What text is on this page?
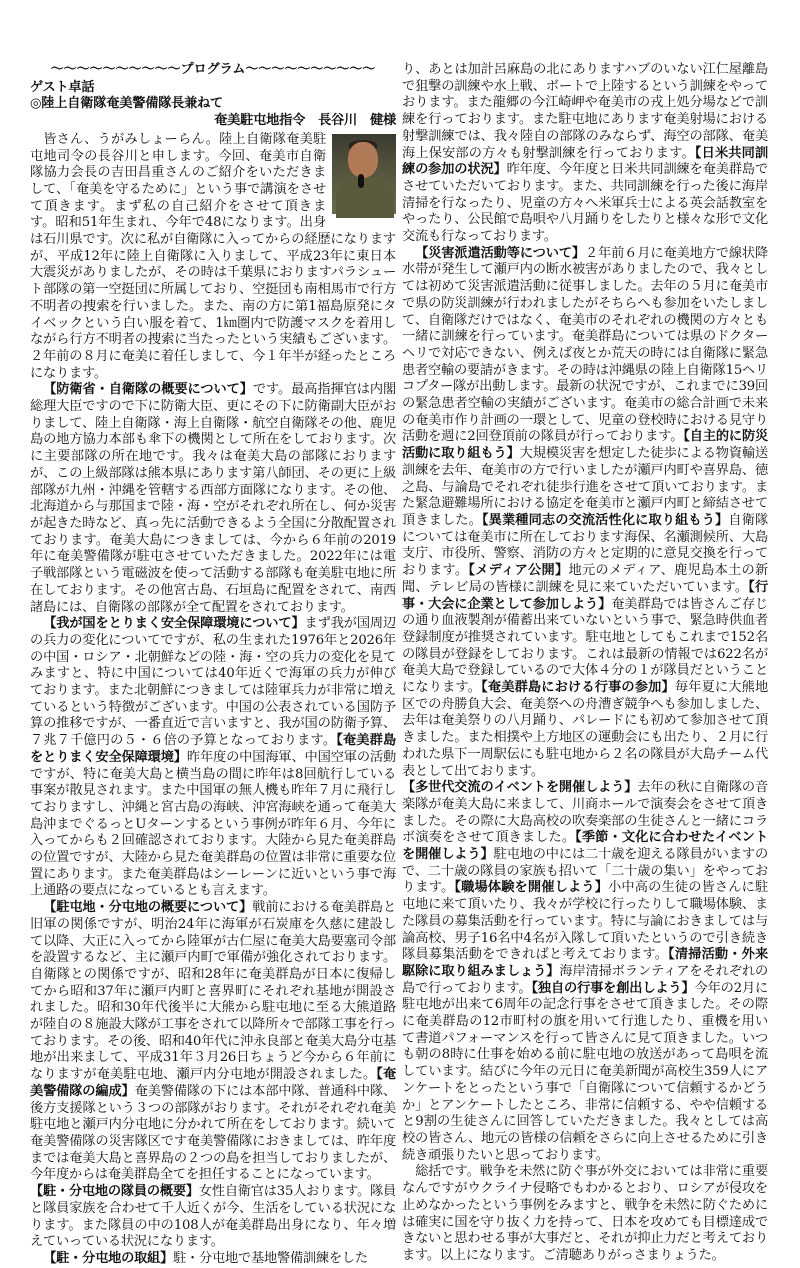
〜〜〜〜〜〜〜〜〜〜プログラム〜〜〜〜〜〜〜〜〜〜
ゲスト卓話
◎陸上自衛隊奄美警備隊長兼ねて
奄美駐屯地指令　長谷川　健様

皆さん、うがみしょーらん。陸上自衛隊奄美駐屯地司令の長谷川と申します。今回、奄美市自衛隊協力会長の吉田昌重さんのご紹介をいただきまして、「奄美を守るために」という事で講演をさせて頂きます。まず私の自己紹介をさせて頂きます。昭和51年生まれ、今年で48になります。出身は石川県です。次に私が自衛隊に入ってからの経歴になりますが、平成12年に陸上自衛隊に入りまして、平成23年に東日本大震災がありましたが、その時は千葉県におりますパラシュート部隊の第一空挺団に所属しており、空挺団も南相馬市で行方不明者の捜索を行いました。また、南の方に第1福島原発にタイベックという白い服を着て、1㎞圏内で防護マスクを着用しながら行方不明者の捜索に当たったという実績もございます。２年前の８月に奄美に着任しまして、今１年半が経ったところになります。

【防衛省・自衛隊の概要について】です。最高指揮官は内閣総理大臣ですので下に防衛大臣、更にその下に防衛副大臣がおりまして、陸上自衛隊・海上自衛隊・航空自衛隊その他、鹿児島の地方協力本部も傘下の機関として所在をしております。次に主要部隊の所在地です。我々は奄美大島の部隊におりますが、この上級部隊は熊本県にあります第八師団、その更に上級部隊が九州・沖縄を管轄する西部方面隊になります。その他、北海道から与那国まで陸・海・空がそれぞれ所在し、何か災害が起きた時など、真っ先に活動できるよう全国に分散配置されております。奄美大島につきましては、今から６年前の2019年に奄美警備隊が駐屯させていただきました。2022年には電子戦部隊という電磁波を使って活動する部隊も奄美駐屯地に所在しております。その他宮古島、石垣島に配置をされて、南西諸島には、自衛隊の部隊が全て配置をされております。

【我が国をとりまく安全保障環境について】まず我が国周辺の兵力の変化についてですが、私の生まれた1976年と2026年の中国・ロシア・北朝鮮などの陸・海・空の兵力の変化を見てみますと、特に中国については40年近くで海軍の兵力が伸びております。また北朝鮮につきましては陸軍兵力が非常に増えているという特徴がございます。中国の公表されている国防予算の推移ですが、一番直近で言いますと、我が国の防衛予算、７兆７千億円の５・６倍の予算となっております。【奄美群島をとりまく安全保障環境】昨年度の中国海軍、中国空軍の活動ですが、特に奄美大島と横当島の間に昨年は8回航行している事案が散見されます。また中国軍の無人機も昨年７月に飛行しておりますし、沖縄と宮古島の海峡、沖宮海峡を通って奄美大島沖までぐるっとUターンするという事例が昨年６月、今年に入ってからも２回確認されております。大陸から見た奄美群島の位置ですが、大陸から見た奄美群島の位置は非常に重要な位置にあります。また奄美群島はシーレーンに近いという事で海上通路の要点になっているとも言えます。

【駐屯地・分屯地の概要について】戦前における奄美群島と旧軍の関係ですが、明治24年に海軍が石炭庫を久慈に建設して以降、大正に入ってから陸軍が古仁屋に奄美大島要塞司令部を設置するなど、主に瀬戸内町で軍備が強化されております。自衛隊との関係ですが、昭和28年に奄美群島が日本に復帰してから昭和37年に瀬戸内町と喜界町にそれぞれ基地が開設されました。昭和30年代後半に大熊から駐屯地に至る大熊道路が陸自の８施設大隊が工事をされて以降所々で部隊工事を行っております。その後、昭和40年代に沖永良部と奄美大島分屯基地が出来まして、平成31年３月26日ちょうど今から６年前になりますが奄美駐屯地、瀬戸内分屯地が開設されました。【奄美警備隊の編成】奄美警備隊の下には本部中隊、普通科中隊、後方支援隊という３つの部隊がおります。それがそれぞれ奄美駐屯地と瀬戸内分屯地に分かれて所在をしております。続いて奄美警備隊の災害隊区です奄美警備隊におきましては、昨年度までは奄美大島と喜界島の２つの島を担当しておりましたが、今年度からは奄美群島全てを担任することになっています。

【駐・分屯地の隊員の概要】女性自衛官は35人おります。隊員と隊員家族を合わせて千人近くが今、生活をしている状況になります。また隊員の中の108人が奄美群島出身になり、年々増えていっている状況になります。

【駐・分屯地の取組】駐・分屯地で基地警備訓練をした

り、あとは加計呂麻島の北にありますハブのいない江仁屋離島で狙撃の訓練や水上戦、ボートで上陸するという訓練をやっております。また龍郷の今江崎岬や奄美市の戎上処分場などで訓練を行っております。また駐屯地にあります奄美射場における射撃訓練では、我々陸自の部隊のみならず、海空の部隊、奄美海上保安部の方々も射撃訓練を行っております。【日米共同訓練の参加の状況】昨年度、今年度と日米共同訓練を奄美群島でさせていただいております。また、共同訓練を行った後に海岸清掃を行なったり、児童の方々へ米軍兵士による英会話教室をやったり、公民館で島唄や八月踊りをしたりと様々な形で文化交流も行なっております。

【災害派遣活動等について】２年前６月に奄美地方で線状降水帯が発生して瀬戸内の断水被害がありましたので、我々としては初めて災害派遣活動に従事しました。去年の５月に奄美市で県の防災訓練が行われましたがそちらへも参加をいたしまして、自衛隊だけではなく、奄美市のそれぞれの機関の方々とも一緒に訓練を行っています。奄美群島については県のドクターヘリで対応できない、例えば夜とか荒天の時には自衛隊に緊急患者空輸の要請がきます。その時は沖縄県の陸上自衛隊15ヘリコプター隊が出動します。最新の状況ですが、これまでに39回の緊急患者空輸の実績がございます。奄美市の総合計画で未来の奄美市作り計画の一環として、児童の登校時における見守り活動を週に2回登頂前の隊員が行っております。【自主的に防災活動に取り組もう】大規模災害を想定した徒歩による物資輸送訓練を去年、奄美市の方で行いましたが瀬戸内町や喜界島、徳之島、与論島でそれぞれ徒歩行進をさせて頂いております。また緊急避難場所における協定を奄美市と瀬戸内町と締結させて頂きました。【異業種同志の交流活性化に取り組もう】自衛隊については奄美市に所在しております海保、名瀬測候所、大島支庁、市役所、警察、消防の方々と定期的に意見交換を行っております。【メディア公開】地元のメディア、鹿児島本土の新聞、テレビ局の皆様に訓練を見に来ていただいています。【行事・大会に企業として参加しよう】奄美群島では皆さんご存じの通り血液製剤が備蓄出来ていないという事で、緊急時供血者登録制度が推奨されています。駐屯地としてもこれまで152名の隊員が登録をしております。これは最新の情報では622名が奄美大島で登録しているので大体４分の１が隊員だということになります。【奄美群島における行事の参加】毎年夏に大熊地区での舟勝負大会、奄美祭への舟漕ぎ競争へも参加しました、去年は奄美祭りの八月踊り、パレードにも初めて参加させて頂きました。また相撲や上方地区の運動会にも出たり、２月に行われた県下一周駅伝にも駐屯地から２名の隊員が大島チーム代表として出ております。

【多世代交流のイベントを開催しよう】去年の秋に自衛隊の音楽隊が奄美大島に来まして、川商ホールで演奏会をさせて頂きました。その際に大島高校の吹奏楽部の生徒さんと一緒にコラボ演奏をさせて頂きました。【季節・文化に合わせたイベントを開催しよう】駐屯地の中には二十歳を迎える隊員がいますので、二十歳の隊員の家族も招いて「二十歳の集い」をやっております。【職場体験を開催しよう】小中高の生徒の皆さんに駐屯地に来て頂いたり、我々が学校に行ったりして職場体験、また隊員の募集活動を行っています。特に与論におきましては与論高校、男子16名中4名が入隊して頂いたというので引き続き隊員募集活動をできればと考えております。【清掃活動・外来駆除に取り組みましょう】海岸清掃ボランティアをそれぞれの島で行っております。【独自の行事を創出しよう】今年の2月に駐屯地が出来て6周年の記念行事をさせて頂きました。その際に奄美群島の12市町村の旗を用いて行進したり、重機を用いて書道パフォーマンスを行って皆さんに見て頂きました。いつも朝の8時に仕事を始める前に駐屯地の放送があって島唄を流しています。結びに今年の元日に奄美新聞が高校生359人にアンケートをとったという事で「自衛隊について信頼するかどうか」とアンケートしたところ、非常に信頼する、やや信頼すると9割の生徒さんに回答していただきました。我々としては高校の皆さん、地元の皆様の信頼をさらに向上させるために引き続き頑張りたいと思っております。

総括です。戦争を未然に防ぐ事が外交においては非常に重要なんですがウクライナ侵略でもわかるとおり、ロシアが侵攻を止めなかったという事例をみますと、戦争を未然に防ぐためには確実に国を守り抜く力を持って、日本を攻めても目標達成できないと思わせる事が大事だと、それが抑止力だと考えております。以上になります。ご清聴ありがっさまりょうた。
